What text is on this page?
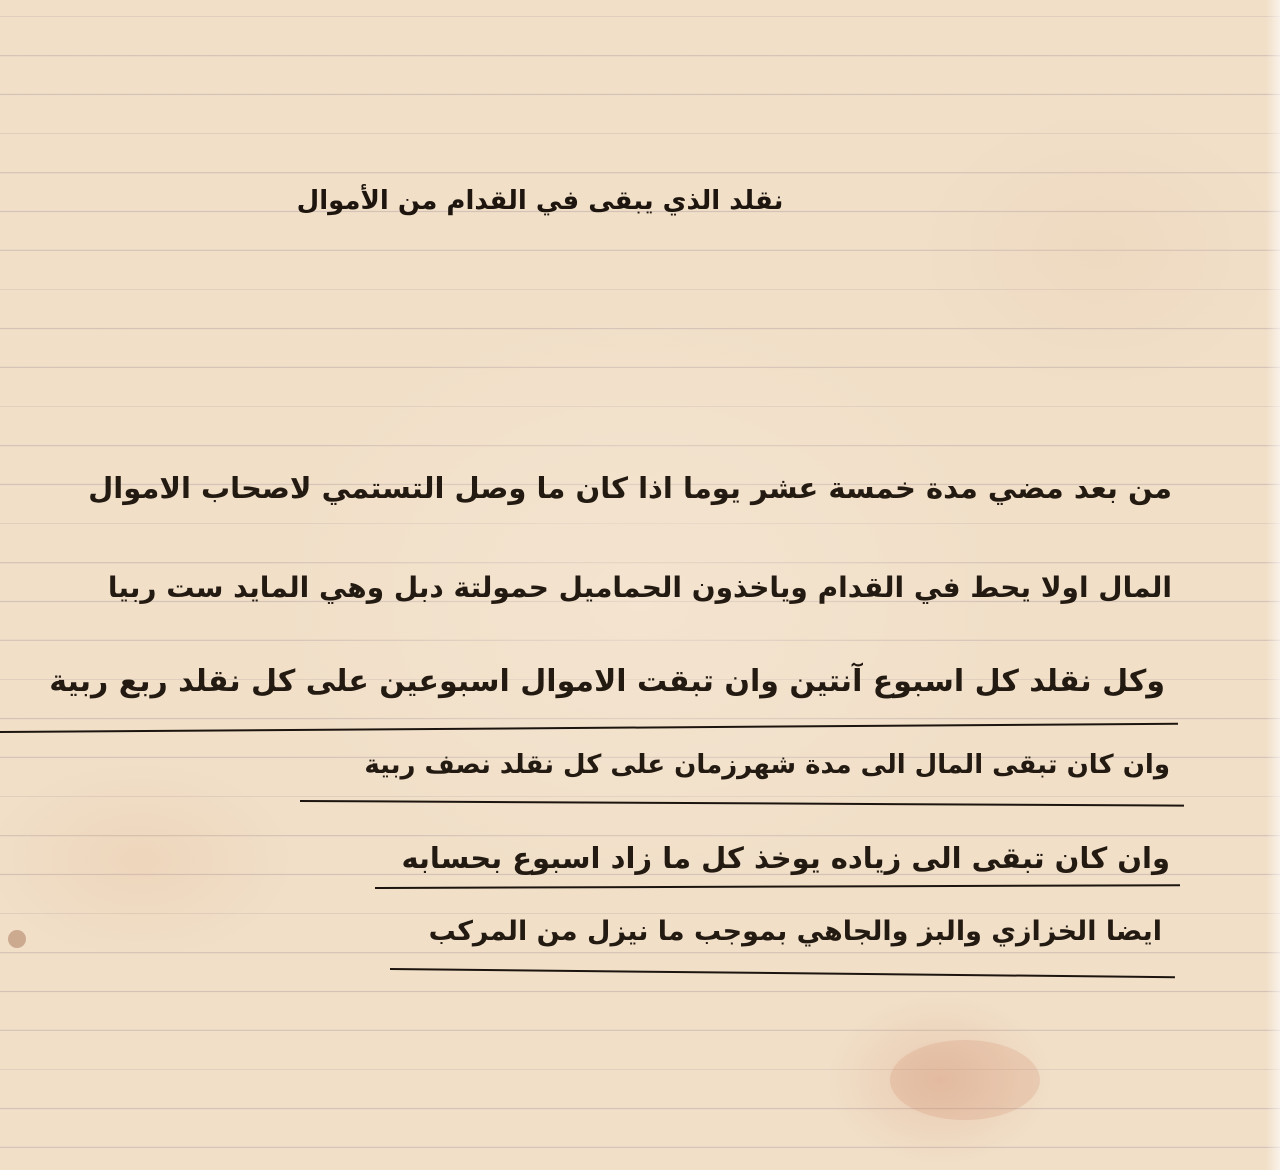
نقلد الذي يبقى في القدام من الأموال
من بعد مضي مدة خمسة عشر يوما اذا كان ما وصل التستمي لاصحاب الاموال
المال اولا يحط في القدام وياخذون الحماميل حمولتة دبل وهي المايد ست ربيا
وكل نقلد كل اسبوع آنتين وان تبقت الاموال اسبوعين على كل نقلد ربع ربية
وان كان تبقى المال الى مدة شهرزمان على كل نقلد نصف ربية
وان كان تبقى الى زياده يوخذ كل ما زاد اسبوع بحسابه
ايضا الخزازي والبز والجاهي بموجب ما نيزل من المركب
